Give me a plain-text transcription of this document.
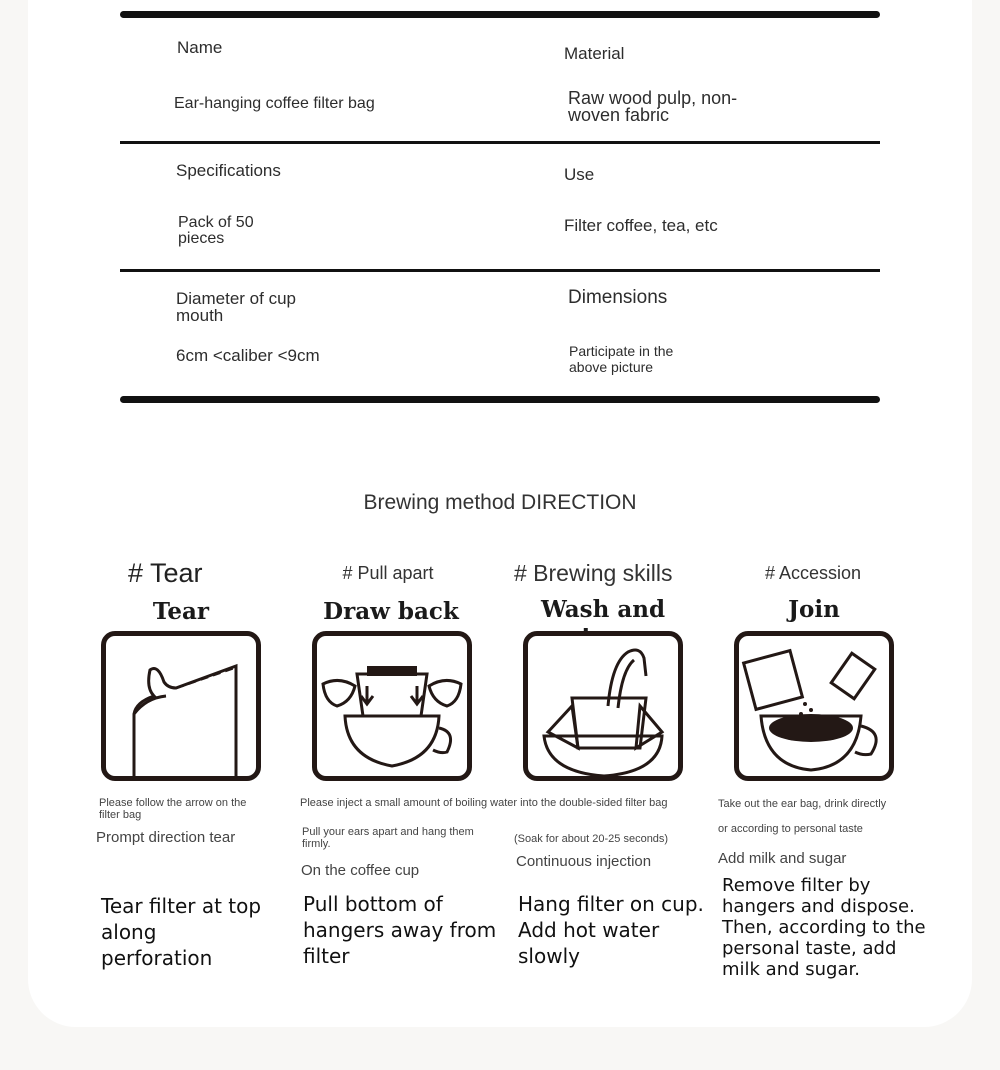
Name
Ear-hanging coffee filter bag
Material
Raw wood pulp, non-woven fabric
Specifications
Pack of 50 pieces
Use
Filter coffee, tea, etc
Diameter of cup mouth
6cm <caliber <9cm
Dimensions
Participate in the above picture
Brewing method DIRECTION
# Tear
Tear
Please follow the arrow on the filter bag
Prompt direction tear
Tear filter at top along perforation
# Pull apart
Draw back
Please inject a small amount of boiling water into the double-sided filter bag
Pull your ears apart and hang them firmly.
On the coffee cup
Pull bottom of hangers away from filter
# Brewing skills
Wash and
(Soak for about 20-25 seconds)
Continuous injection
Hang filter on cup. Add hot water slowly
# Accession
Join
Take out the ear bag, drink directly
or according to personal taste
Add milk and sugar
Remove filter by hangers and dispose. Then, according to the personal taste, add milk and sugar.
